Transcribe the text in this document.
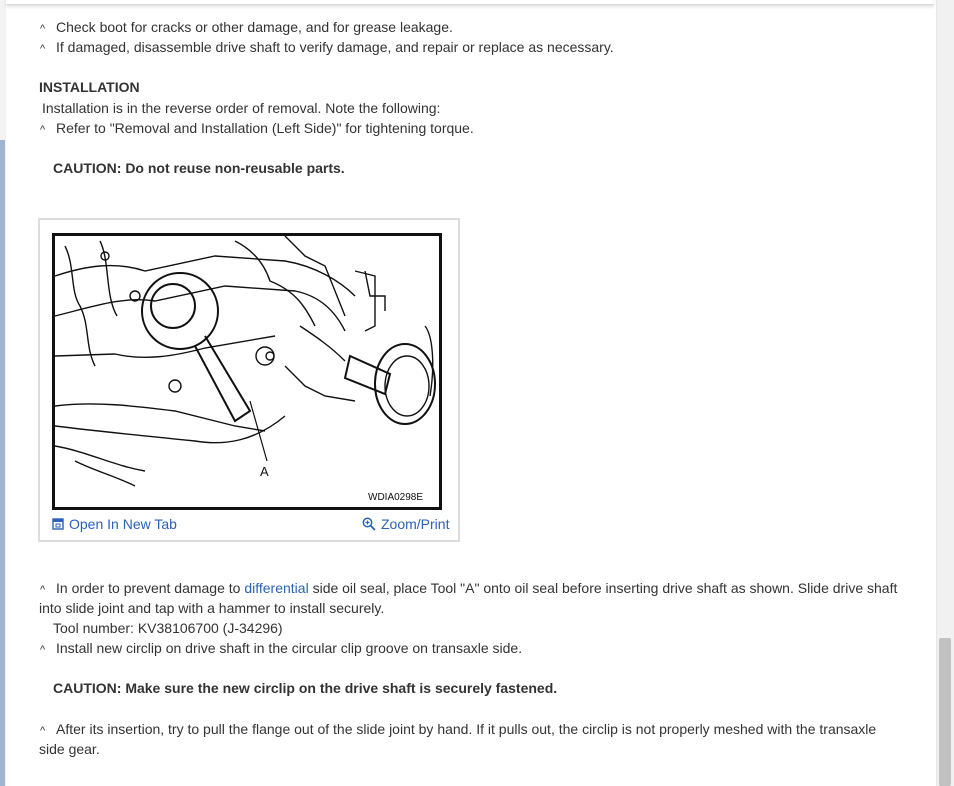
^ Check boot for cracks or other damage, and for grease leakage.
^ If damaged, disassemble drive shaft to verify damage, and repair or replace as necessary.
INSTALLATION
Installation is in the reverse order of removal. Note the following:
^ Refer to "Removal and Installation (Left Side)" for tightening torque.
CAUTION: Do not reuse non-reusable parts.
A
WDIA0298E
Open In New Tab	Zoom/Print
^ In order to prevent damage to differential side oil seal, place Tool "A" onto oil seal before inserting drive shaft as shown. Slide drive shaft
into slide joint and tap with a hammer to install securely.
Tool number: KV38106700 (J-34296)
^ Install new circlip on drive shaft in the circular clip groove on transaxle side.
CAUTION: Make sure the new circlip on the drive shaft is securely fastened.
^ After its insertion, try to pull the flange out of the slide joint by hand. If it pulls out, the circlip is not properly meshed with the transaxle
side gear.
